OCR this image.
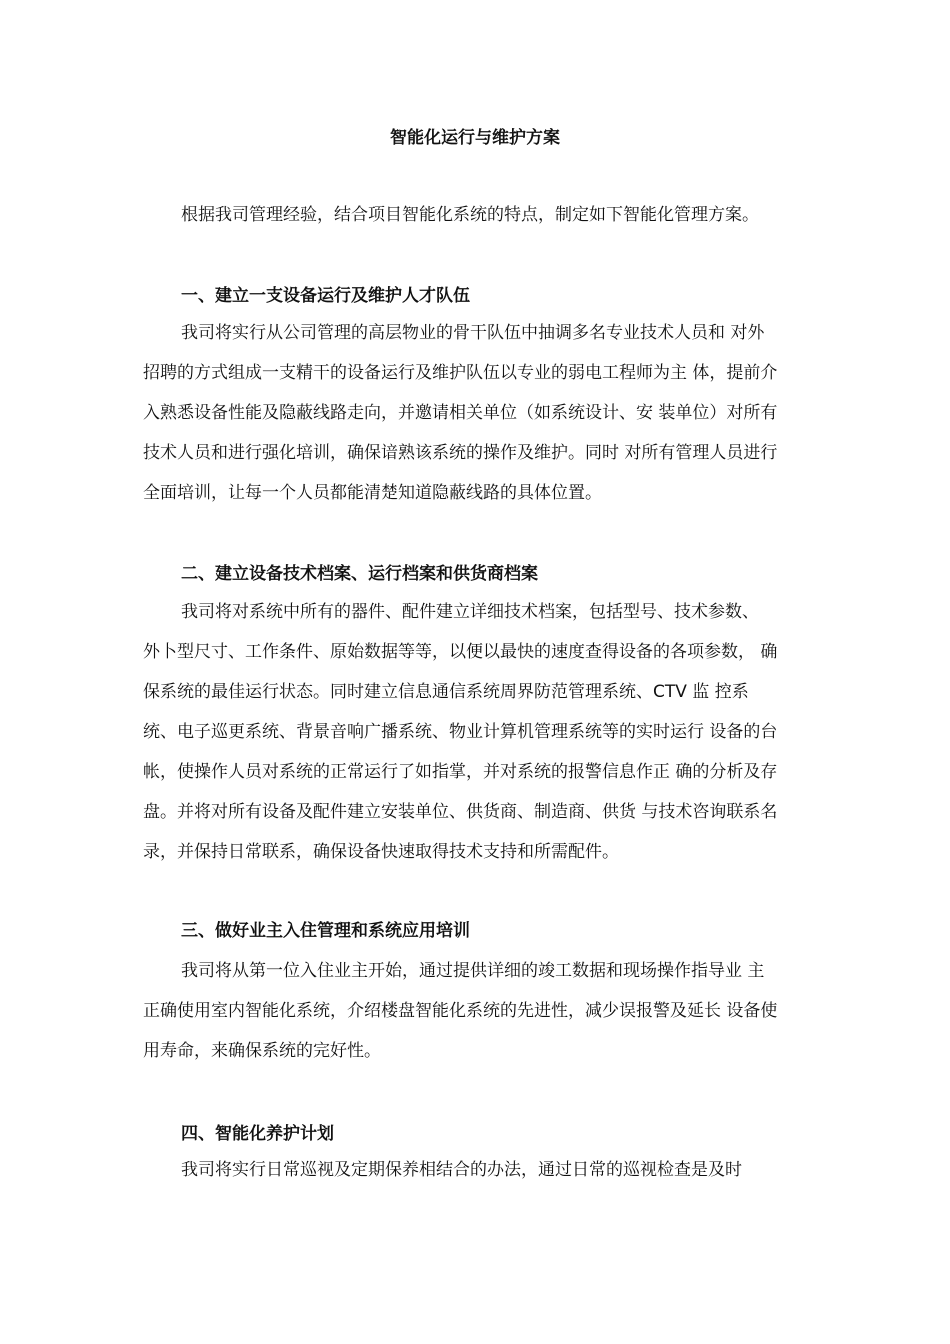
智能化运行与维护方案

根据我司管理经验，结合项目智能化系统的特点，制定如下智能化管理方案。

一、建立一支设备运行及维护人才队伍
我司将实行从公司管理的高层物业的骨干队伍中抽调多名专业技术人员和 对外
招聘的方式组成一支精干的设备运行及维护队伍以专业的弱电工程师为主 体，提前介
入熟悉设备性能及隐蔽线路走向，并邀请相关单位（如系统设计、安 装单位）对所有
技术人员和进行强化培训，确保谙熟该系统的操作及维护。同时 对所有管理人员进行
全面培训，让每一个人员都能清楚知道隐蔽线路的具体位置。
二、建立设备技术档案、运行档案和供货商档案
我司将对系统中所有的器件、配件建立详细技术档案，包括型号、技术参数、
外卜型尺寸、工作条件、原始数据等等，以便以最快的速度查得设备的各项参数， 确
保系统的最佳运行状态。同时建立信息通信系统周界防范管理系统、CTV 监 控系
统、电子巡更系统、背景音响广播系统、物业计算机管理系统等的实时运行 设备的台
帐，使操作人员对系统的正常运行了如指掌，并对系统的报警信息作正 确的分析及存
盘。并将对所有设备及配件建立安装单位、供货商、制造商、供货 与技术咨询联系名
录，并保持日常联系，确保设备快速取得技术支持和所需配件。
三、做好业主入住管理和系统应用培训
我司将从第一位入住业主开始，通过提供详细的竣工数据和现场操作指导业 主
正确使用室内智能化系统，介绍楼盘智能化系统的先进性，减少误报警及延长 设备使
用寿命，来确保系统的完好性。
四、智能化养护计划
我司将实行日常巡视及定期保养相结合的办法，通过日常的巡视检查是及时
